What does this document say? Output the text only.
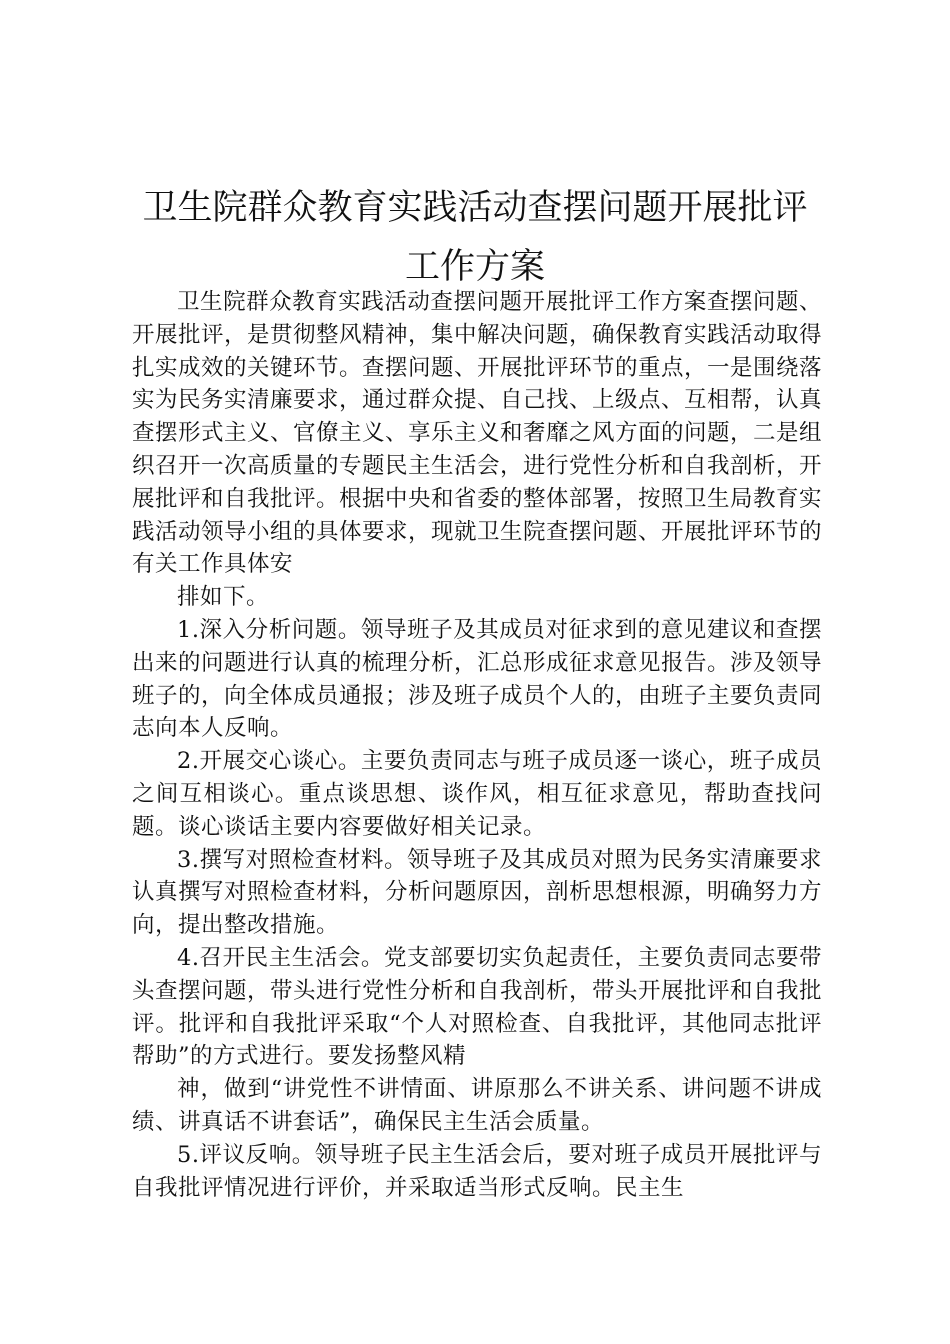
卫生院群众教育实践活动查摆问题开展批评
工作方案

卫生院群众教育实践活动查摆问题开展批评工作方案查摆问题、开展批评，是贯彻整风精神，集中解决问题，确保教育实践活动取得扎实成效的关键环节。查摆问题、开展批评环节的重点，一是围绕落实为民务实清廉要求，通过群众提、自己找、上级点、互相帮，认真查摆形式主义、官僚主义、享乐主义和奢靡之风方面的问题，二是组织召开一次高质量的专题民主生活会，进行党性分析和自我剖析，开展批评和自我批评。根据中央和省委的整体部署，按照卫生局教育实践活动领导小组的具体要求，现就卫生院查摆问题、开展批评环节的有关工作具体安

排如下。

1.深入分析问题。领导班子及其成员对征求到的意见建议和查摆出来的问题进行认真的梳理分析，汇总形成征求意见报告。涉及领导班子的，向全体成员通报；涉及班子成员个人的，由班子主要负责同志向本人反响。

2.开展交心谈心。主要负责同志与班子成员逐一谈心，班子成员之间互相谈心。重点谈思想、谈作风，相互征求意见，帮助查找问题。谈心谈话主要内容要做好相关记录。

3.撰写对照检查材料。领导班子及其成员对照为民务实清廉要求认真撰写对照检查材料，分析问题原因，剖析思想根源，明确努力方向，提出整改措施。

4.召开民主生活会。党支部要切实负起责任，主要负责同志要带头查摆问题，带头进行党性分析和自我剖析，带头开展批评和自我批评。批评和自我批评采取“个人对照检查、自我批评，其他同志批评帮助”的方式进行。要发扬整风精

神，做到“讲党性不讲情面、讲原那么不讲关系、讲问题不讲成绩、讲真话不讲套话”，确保民主生活会质量。

5.评议反响。领导班子民主生活会后，要对班子成员开展批评与自我批评情况进行评价，并采取适当形式反响。民主生
